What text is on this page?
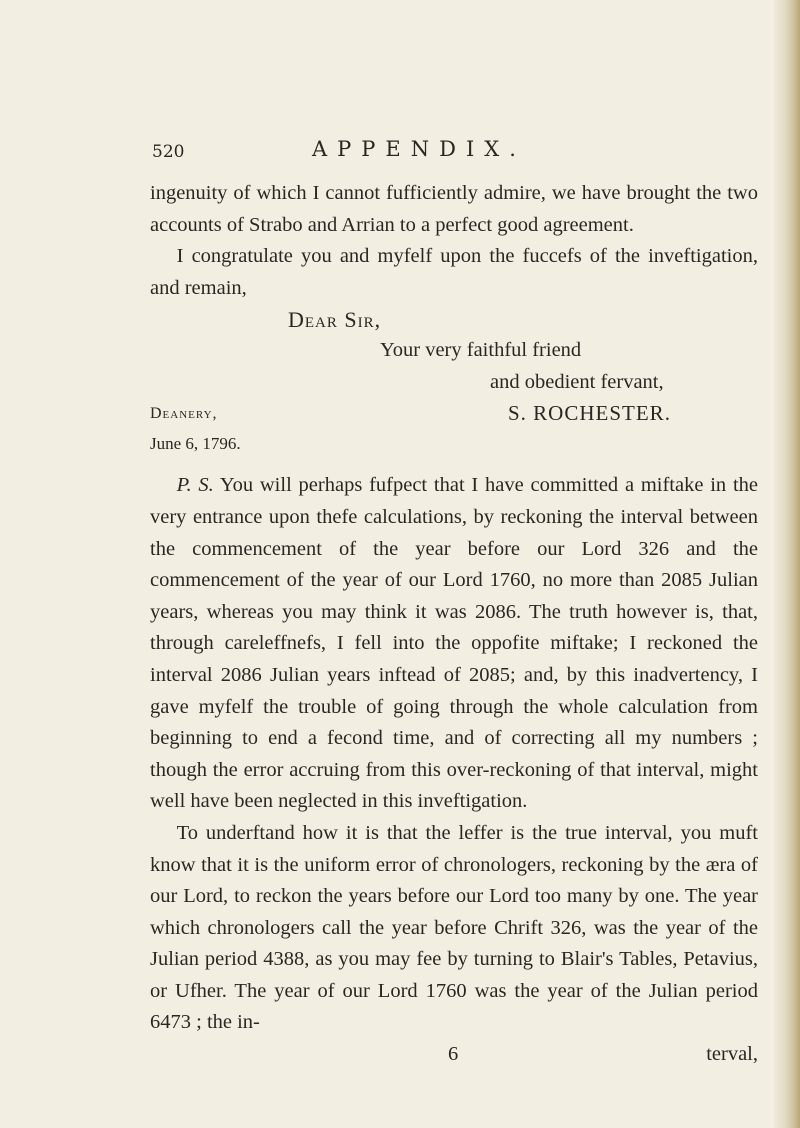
520	APPENDIX.

ingenuity of which I cannot fufficiently admire, we have brought the two accounts of Strabo and Arrian to a perfect good agreement.

I congratulate you and myfelf upon the fuccefs of the inveftigation, and remain,

Dear Sir,
Your very faithful friend
and obedient fervant,
Deanery,	S. ROCHESTER.
June 6, 1796.

P. S. You will perhaps fufpect that I have committed a miftake in the very entrance upon thefe calculations, by reckoning the interval between the commencement of the year before our Lord 326 and the commencement of the year of our Lord 1760, no more than 2085 Julian years, whereas you may think it was 2086. The truth however is, that, through careleffnefs, I fell into the oppofite miftake; I reckoned the interval 2086 Julian years inftead of 2085; and, by this inadvertency, I gave myfelf the trouble of going through the whole calculation from beginning to end a fecond time, and of correcting all my numbers ; though the error accruing from this over-reckoning of that interval, might well have been neglected in this inveftigation.

To underftand how it is that the leffer is the true interval, you muft know that it is the uniform error of chronologers, reckoning by the æra of our Lord, to reckon the years before our Lord too many by one. The year which chronologers call the year before Chrift 326, was the year of the Julian period 4388, as you may fee by turning to Blair's Tables, Petavius, or Ufher. The year of our Lord 1760 was the year of the Julian period 6473 ; the in-

6	terval,
